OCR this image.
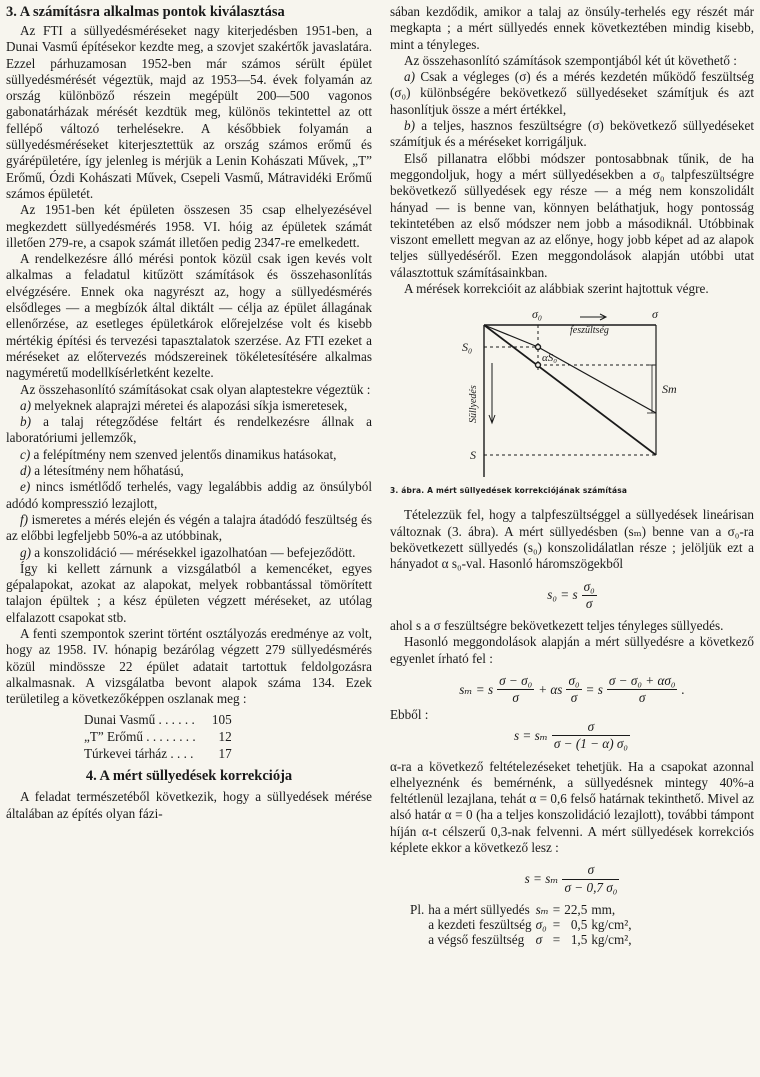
3. A számításra alkalmas pontok kiválasztása

Az FTI a süllyedésméréseket nagy kiterjedésben 1951-ben, a Dunai Vasmű építésekor kezdte meg, a szovjet szakértők javaslatára. Ezzel párhuzamosan 1952-ben már számos sérült épület süllyedésmérését végeztük, majd az 1953—54. évek folyamán az ország különböző részein megépült 200—500 vagonos gabonatárházak mérését kezdtük meg, különös tekintettel az ott fellépő változó terhelésekre. A későbbiek folyamán a süllyedésméréseket kiterjesztettük az ország számos erőmű és gyárépületére, így jelenleg is mérjük a Lenin Kohászati Művek, „T” Erőmű, Ózdi Kohászati Művek, Csepeli Vasmű, Mátravidéki Erőmű számos épületét.

Az 1951-ben két épületen összesen 35 csap elhelyezésével megkezdett süllyedésmérés 1958. VI. hóig az épületek számát illetően 279-re, a csapok számát illetően pedig 2347-re emelkedett.

A rendelkezésre álló mérési pontok közül csak igen kevés volt alkalmas a feladatul kitűzött számítások és összehasonlítás elvégzésére. Ennek oka nagyrészt az, hogy a süllyedésmérés elsődleges — a megbízók által diktált — célja az épület állagának ellenőrzése, az esetleges épületkárok előrejelzése volt és kisebb mértékig építési és tervezési tapasztalatok szerzése. Az FTI ezeket a méréseket az előtervezés módszereinek tökéletesítésére alkalmas nagyméretű modellkísérletként kezelte.

Az összehasonlító számításokat csak olyan alaptestekre végeztük :

a) melyeknek alaprajzi méretei és alapozási síkja ismeretesek,
b) a talaj rétegződése feltárt és rendelkezésre állnak a laboratóriumi jellemzők,
c) a felépítmény nem szenved jelentős dinamikus hatásokat,
d) a létesítmény nem hőhatású,
e) nincs ismétlődő terhelés, vagy legalábbis addig az önsúlyból adódó kompresszió lezajlott,
f) ismeretes a mérés elején és végén a talajra átadódó feszültség és az előbbi legfeljebb 50%-a az utóbbinak,
g) a konszolidáció — mérésekkel igazolhatóan — befejeződött.

Így ki kellett zárnunk a vizsgálatból a kemencéket, egyes gépalapokat, azokat az alapokat, melyek robbantással tömörített talajon épültek ; a kész épületen végzett méréseket, az utólag elfalazott csapokat stb.

A fenti szempontok szerint történt osztályozás eredménye az volt, hogy az 1958. IV. hónapig bezárólag végzett 279 süllyedésmérés közül mindössze 22 épület adatait tartottuk feldolgozásra alkalmasnak. A vizsgálatba bevont alapok száma 134. Ezek területileg a következőképpen oszlanak meg :

Dunai Vasmű . . . . . .	105
„T” Erőmű . . . . . . . .	12
Túrkevei tárház . . . .	17
4. A mért süllyedések korrekciója

A feladat természetéből következik, hogy a süllyedések mérése általában az építés olyan fázi-

sában kezdődik, amikor a talaj az önsúly-terhelés egy részét már megkapta ; a mért süllyedés ennek következtében mindig kisebb, mint a tényleges.

Az összehasonlító számítások szempontjából két út követhető :

a) Csak a végleges (σ) és a mérés kezdetén működő feszültség (σ₀) különbségére bekövetkező süllyedéseket számítjuk és azt hasonlítjuk össze a mért értékkel,
b) a teljes, hasznos feszültségre (σ) bekövetkező süllyedéseket számítjuk és a méréseket korrigáljuk.

Első pillanatra előbbi módszer pontosabbnak tűnik, de ha meggondoljuk, hogy a mért süllyedésekben a σ₀ talpfeszültségre bekövetkező süllyedések egy része — a még nem konszolidált hányad — is benne van, könnyen beláthatjuk, hogy pontosság tekintetében az első módszer nem jobb a másodiknál. Utóbbinak viszont emellett megvan az az előnye, hogy jobb képet ad az alapok teljes süllyedéséről. Ezen meggondolások alapján utóbbi utat választottuk számításainkban.

A mérések korrekcióit az alábbiak szerint hajtottuk végre.

σ₀	σ
feszültség
S₀
αS₀
Sm
S
Süllyedés
3. ábra. A mért süllyedések korrekciójának számítása

Tételezzük fel, hogy a talpfeszültséggel a süllyedések lineárisan változnak (3. ábra). A mért süllyedésben (sₘ) benne van a σ₀-ra bekövetkezett süllyedés (s₀) konszolidálatlan része ; jelöljük ezt a hányadot α s₀-val. Hasonló háromszögekből

s₀ = s $\frac{\text{σ₀}}{\sigma}$

ahol s a σ feszültségre bekövetkezett teljes tényleges süllyedés.

Hasonló meggondolások alapján a mért süllyedésre a következő egyenlet írható fel :

sₘ = s $\frac{\text{σ − σ₀}}{\sigma} + \alpha s \frac{\text{σ₀}}{\sigma} = s \frac{\text{σ − σ₀ + ασ₀}}{\sigma}$ .

Ebből :

s = sₘ $\frac{\sigma}{\text{σ − (1 − α) σ₀}}$

α-ra a következő feltételezéseket tehetjük. Ha a csapokat azonnal elhelyeznénk és bemérnénk, a süllyedésnek mintegy 40%-a feltétlenül lezajlana, tehát α = 0,6 felső határnak tekinthető. Mivel az alsó határ α = 0 (ha a teljes konszolidáció lezajlott), további támpont híján α-t célszerű 0,3-nak felvenni. A mért süllyedések korrekciós képlete ekkor a következő lesz :

s = sₘ $\frac{\sigma}{\text{σ − 0,7 σ₀}}$
Pl.	ha a mért süllyedés	sₘ	=	22,5	mm,
	a kezdeti feszültség	σ₀	=	0,5	kg/cm²,
	a végső feszültség	σ	=	1,5	kg/cm²,
